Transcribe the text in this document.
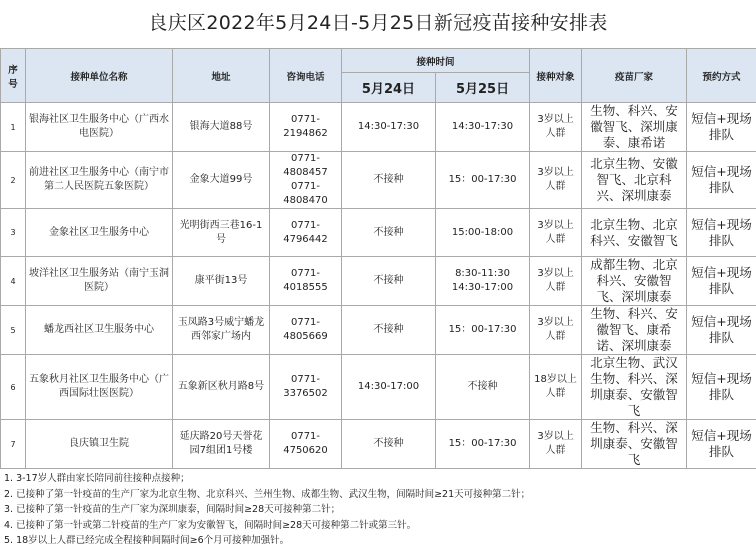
良庆区2022年5月24日-5月25日新冠疫苗接种安排表
序号	接种单位名称	地址	咨询电话	接种时间		接种对象	疫苗厂家	预约方式
				5月24日	5月25日			
1	银海社区卫生服务中心（广西水电医院）	银海大道88号	0771-2194862	14:30-17:30	14:30-17:30	3岁以上人群	生物、科兴、安徽智飞、深圳康泰、康希诺	短信+现场排队
2	前进社区卫生服务中心（南宁市第二人民医院五象医院）	金象大道99号	0771-4808457 0771-4808470	不接种	15：00-17:30	3岁以上人群	北京生物、安徽智飞、北京科兴、深圳康泰	短信+现场排队
3	金象社区卫生服务中心	光明街西三巷16-1号	0771-4796442	不接种	15:00-18:00	3岁以上人群	北京生物、北京科兴、安徽智飞	短信+现场排队
4	坡洋社区卫生服务站（南宁玉洞医院）	康平街13号	0771-4018555	不接种	8:30-11:30 14:30-17:00	3岁以上人群	成都生物、北京科兴、安徽智飞、深圳康泰	短信+现场排队
5	蟠龙西社区卫生服务中心	玉凤路3号威宁蟠龙西邻家广场内	0771-4805669	不接种	15：00-17:30	3岁以上人群	生物、科兴、安徽智飞、康希诺、深圳康泰	短信+现场排队
6	五象秋月社区卫生服务中心（广西国际壮医医院）	五象新区秋月路8号	0771-3376502	14:30-17:00	不接种	18岁以上人群	北京生物、武汉生物、科兴、深圳康泰、安徽智飞	短信+现场排队
7	良庆镇卫生院	延庆路20号天誉花园7组团1号楼	0771-4750620	不接种	15：00-17:30	3岁以上人群	生物、科兴、深圳康泰、安徽智飞	短信+现场排队
1. 3-17岁人群由家长陪同前往接种点接种；
2. 已接种了第一针疫苗的生产厂家为北京生物、北京科兴、兰州生物、成都生物、武汉生物，间隔时间≥21天可接种第二针；
3. 已接种了第一针疫苗的生产厂家为深圳康泰，间隔时间≥28天可接种第二针；
4. 已接种了第一针或第二针疫苗的生产厂家为安徽智飞，间隔时间≥28天可接种第二针或第三针。
5. 18岁以上人群已经完成全程接种间隔时间≥6个月可接种加强针。
